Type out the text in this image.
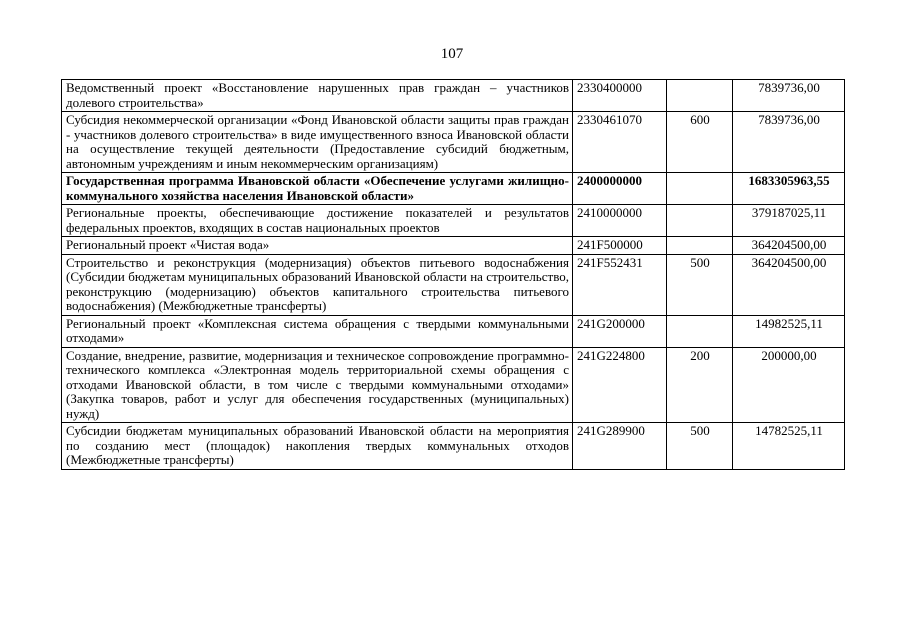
107
Ведомственный проект «Восстановление нарушенных прав граждан – участников долевого строительства»	2330400000		7839736,00

Субсидия некоммерческой организации «Фонд Ивановской области защиты прав граждан - участников долевого строительства» в виде имущественного взноса Ивановской области на осуществление текущей деятельности (Предоставление субсидий бюджетным, автономным учреждениям и иным некоммерческим организациям)	2330461070	600	7839736,00

Государственная программа Ивановской области «Обеспечение услугами жилищно-коммунального хозяйства населения Ивановской области»	2400000000		1683305963,55

Региональные проекты, обеспечивающие достижение показателей и результатов федеральных проектов, входящих в состав национальных проектов	2410000000		379187025,11

Региональный проект «Чистая вода»	241F500000		364204500,00

Строительство и реконструкция (модернизация) объектов питьевого водоснабжения (Субсидии бюджетам муниципальных образований Ивановской области на строительство, реконструкцию (модернизацию) объектов капитального строительства питьевого водоснабжения) (Межбюджетные трансферты)	241F552431	500	364204500,00

Региональный проект «Комплексная система обращения с твердыми коммунальными отходами»	241G200000		14982525,11

Создание, внедрение, развитие, модернизация и техническое сопровождение программно-технического комплекса «Электронная модель территориальной схемы обращения с отходами Ивановской области, в том числе с твердыми коммунальными отходами» (Закупка товаров, работ и услуг для обеспечения государственных (муниципальных) нужд)	241G224800	200	200000,00

Субсидии бюджетам муниципальных образований Ивановской области на мероприятия по созданию мест (площадок) накопления твердых коммунальных отходов (Межбюджетные трансферты)	241G289900	500	14782525,11
